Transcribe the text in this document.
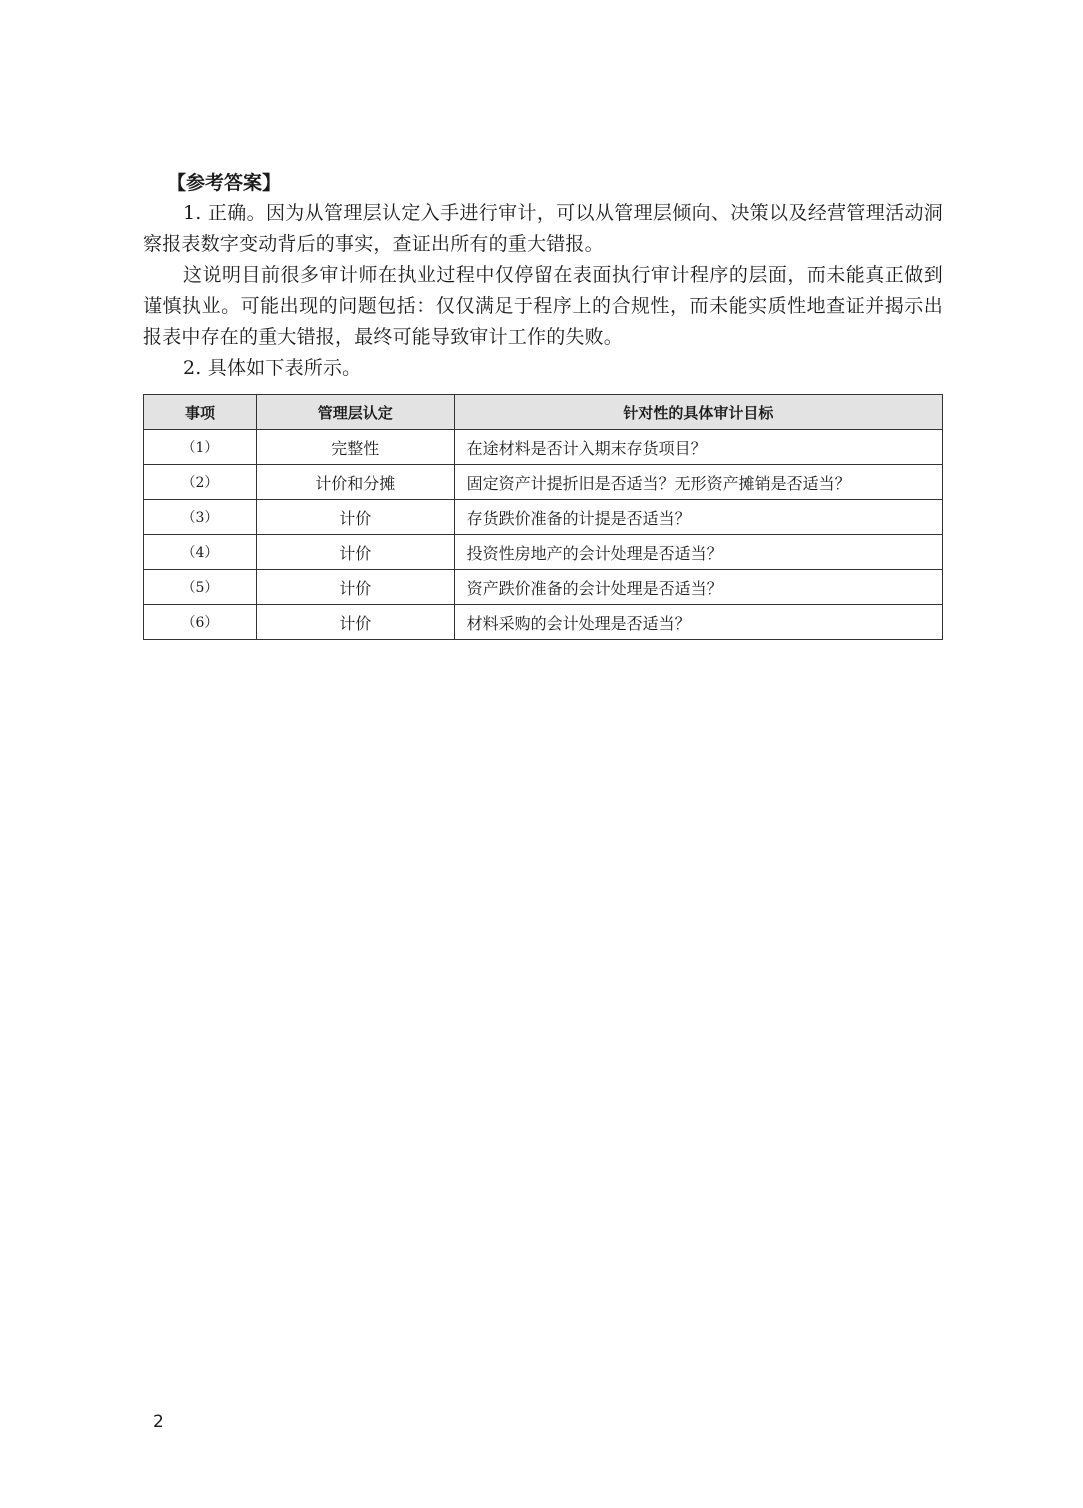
【参考答案】

1. 正确。因为从管理层认定入手进行审计，可以从管理层倾向、决策以及经营管理活动洞察报表数字变动背后的事实，查证出所有的重大错报。

这说明目前很多审计师在执业过程中仅停留在表面执行审计程序的层面，而未能真正做到谨慎执业。可能出现的问题包括：仅仅满足于程序上的合规性，而未能实质性地查证并揭示出报表中存在的重大错报，最终可能导致审计工作的失败。

2. 具体如下表所示。

事项	管理层认定	针对性的具体审计目标
（1）	完整性	在途材料是否计入期末存货项目？
（2）	计价和分摊	固定资产计提折旧是否适当？无形资产摊销是否适当？
（3）	计价	存货跌价准备的计提是否适当？
（4）	计价	投资性房地产的会计处理是否适当？
（5）	计价	资产跌价准备的会计处理是否适当？
（6）	计价	材料采购的会计处理是否适当？
2
